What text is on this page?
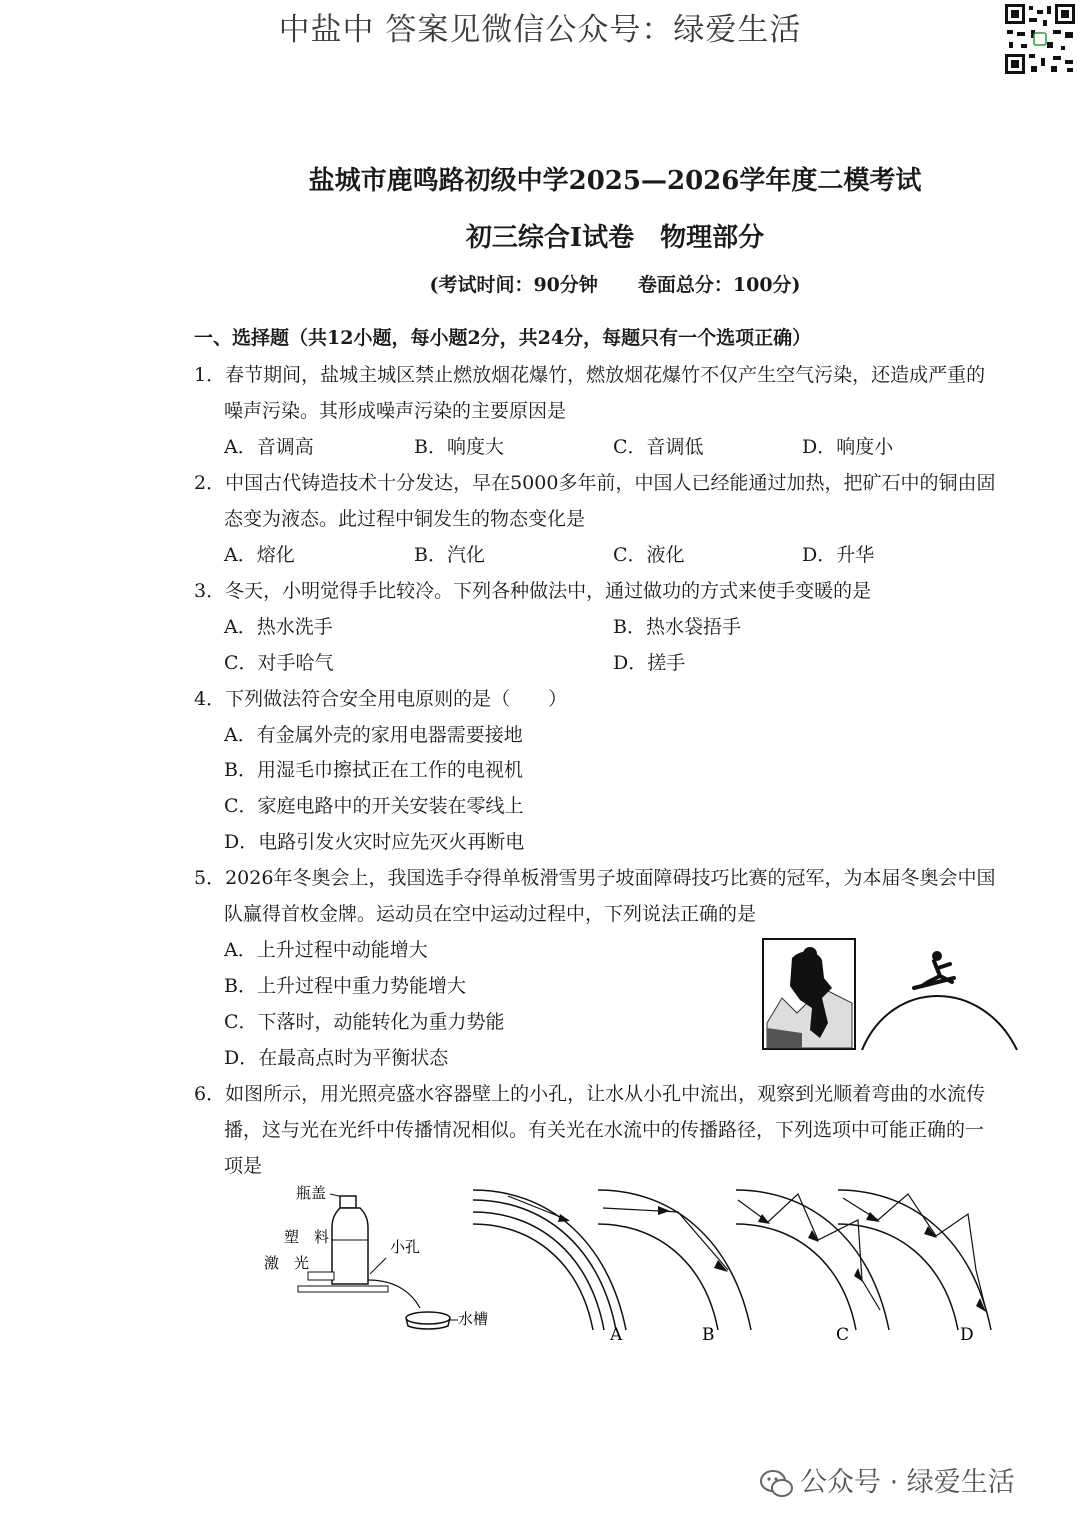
中盐中 答案见微信公众号：绿爱生活
盐城市鹿鸣路初级中学2025—2026学年度二模考试
初三综合Ⅰ试卷　物理部分
(考试时间：90分钟 卷面总分：100分)
一、选择题（共12小题，每小题2分，共24分，每题只有一个选项正确）
1．春节期间，盐城主城区禁止燃放烟花爆竹，燃放烟花爆竹不仅产生空气污染，还造成严重的
噪声污染。其形成噪声污染的主要原因是
A．音调高	B．响度大	C．音调低	D．响度小
2．中国古代铸造技术十分发达，早在5000多年前，中国人已经能通过加热，把矿石中的铜由固
态变为液态。此过程中铜发生的物态变化是
A．熔化	B．汽化	C．液化	D．升华
3．冬天，小明觉得手比较冷。下列各种做法中，通过做功的方式来使手变暖的是
A．热水洗手	B．热水袋捂手
C．对手哈气	D．搓手
4．下列做法符合安全用电原则的是（　　）
A．有金属外壳的家用电器需要接地
B．用湿毛巾擦拭正在工作的电视机
C．家庭电路中的开关安装在零线上
D．电路引发火灾时应先灭火再断电
5．2026年冬奥会上，我国选手夺得单板滑雪男子坡面障碍技巧比赛的冠军，为本届冬奥会中国
队赢得首枚金牌。运动员在空中运动过程中，下列说法正确的是
A．上升过程中动能增大
B．上升过程中重力势能增大
C．下落时，动能转化为重力势能
D．在最高点时为平衡状态
6．如图所示，用光照亮盛水容器壁上的小孔，让水从小孔中流出，观察到光顺着弯曲的水流传
播，这与光在光纤中传播情况相似。有关光在水流中的传播路径，下列选项中可能正确的一
项是
瓶盖
塑　料
激　光
小孔
水槽
A	B	C	D
公众号 · 绿爱生活
